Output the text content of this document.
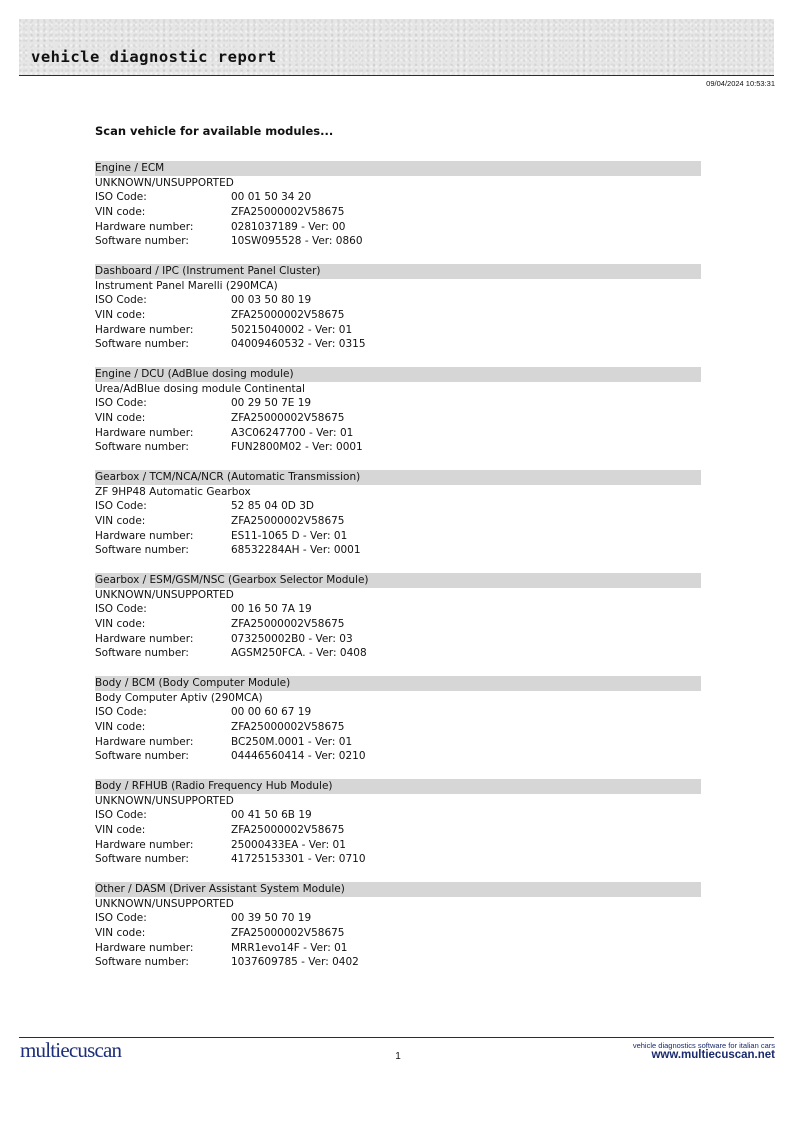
vehicle diagnostic report
09/04/2024 10:53:31
Scan vehicle for available modules...
Engine / ECM
UNKNOWN/UNSUPPORTED
ISO Code:	00 01 50 34 20
VIN code:	ZFA25000002V58675
Hardware number:	0281037189 - Ver: 00
Software number:	10SW095528 - Ver: 0860
Dashboard / IPC (Instrument Panel Cluster)
Instrument Panel Marelli (290MCA)
ISO Code:	00 03 50 80 19
VIN code:	ZFA25000002V58675
Hardware number:	50215040002 - Ver: 01
Software number:	04009460532 - Ver: 0315
Engine / DCU (AdBlue dosing module)
Urea/AdBlue dosing module Continental
ISO Code:	00 29 50 7E 19
VIN code:	ZFA25000002V58675
Hardware number:	A3C06247700 - Ver: 01
Software number:	FUN2800M02 - Ver: 0001
Gearbox / TCM/NCA/NCR (Automatic Transmission)
ZF 9HP48 Automatic Gearbox
ISO Code:	52 85 04 0D 3D
VIN code:	ZFA25000002V58675
Hardware number:	ES11-1065 D - Ver: 01
Software number:	68532284AH - Ver: 0001
Gearbox / ESM/GSM/NSC (Gearbox Selector Module)
UNKNOWN/UNSUPPORTED
ISO Code:	00 16 50 7A 19
VIN code:	ZFA25000002V58675
Hardware number:	073250002B0 - Ver: 03
Software number:	AGSM250FCA. - Ver: 0408
Body / BCM (Body Computer Module)
Body Computer Aptiv (290MCA)
ISO Code:	00 00 60 67 19
VIN code:	ZFA25000002V58675
Hardware number:	BC250M.0001 - Ver: 01
Software number:	04446560414 - Ver: 0210
Body / RFHUB (Radio Frequency Hub Module)
UNKNOWN/UNSUPPORTED
ISO Code:	00 41 50 6B 19
VIN code:	ZFA25000002V58675
Hardware number:	25000433EA - Ver: 01
Software number:	41725153301 - Ver: 0710
Other / DASM (Driver Assistant System Module)
UNKNOWN/UNSUPPORTED
ISO Code:	00 39 50 70 19
VIN code:	ZFA25000002V58675
Hardware number:	MRR1evo14F - Ver: 01
Software number:	1037609785 - Ver: 0402
multiecuscan	1
vehicle diagnostics software for italian cars
www.multiecuscan.net
